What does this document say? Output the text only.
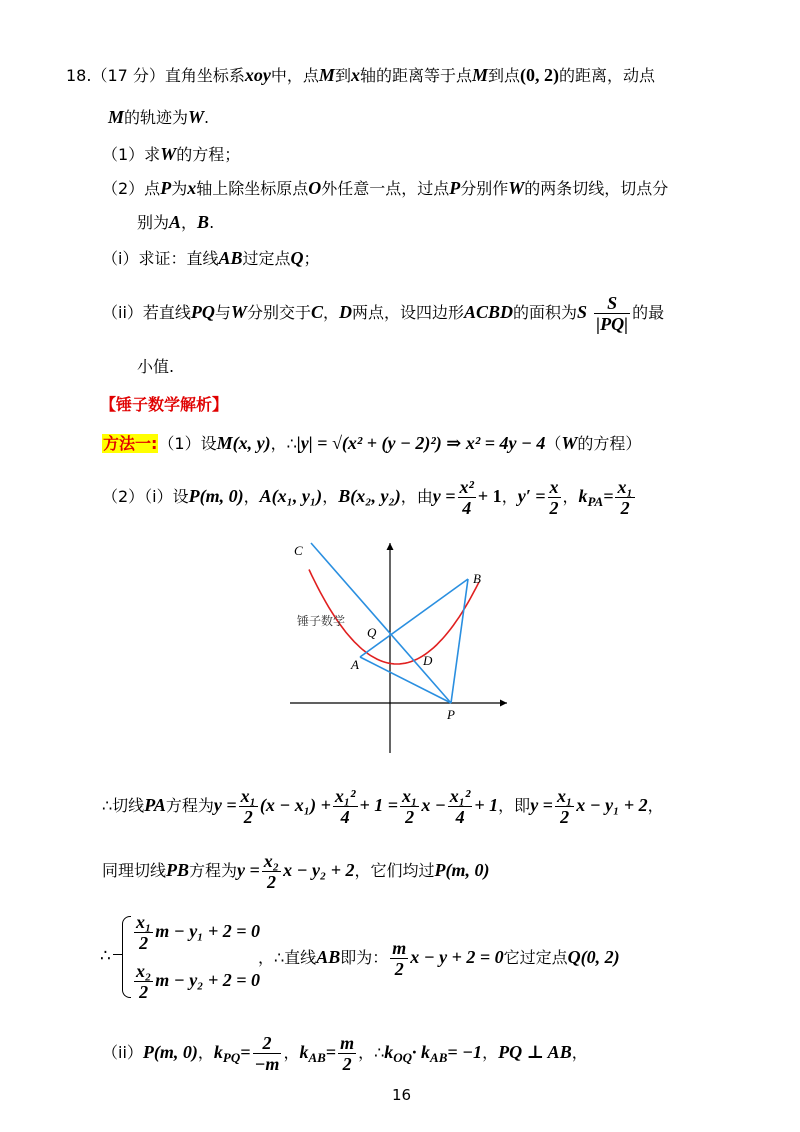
18.（17 分）直角坐标系xoy中，点M到x轴的距离等于点M到点(0, 2)的距离，动点
M的轨迹为W.
（1）求W的方程；
（2）点P为x轴上除坐标原点O外任意一点，过点P分别作W的两条切线，切点分
别为A，B.
（i）求证：直线AB过定点Q；
（ii）若直线PQ与W分别交于C，D两点，设四边形ACBD的面积为S $\frac{S}{|PQ|}$ 的最
小值.
【锤子数学解析】
方法一:（1）设M(x, y)，∴|y| = √(x² + (y − 2)²) ⇒ x² = 4y − 4（W的方程）
（2）（i）设P(m, 0)，A(x₁, y₁)，B(x₂, y₂)，由$y = \frac{\text{x²}}{4} + 1$，$y' = \frac{x}{2}$ ，$k_{PA}= \frac{\text{x₁}}{2}$
C
B
Q
A	D
P
锤子数学
∴切线PA方程为$y = \frac{\text{x₁}}{2} (x - x_1) + \frac{\text{x₁²}}{4} + 1 = \frac{\text{x₁}}{2}$ $x - \frac{\text{x₁²}}{4} + 1$，即$y = \frac{\text{x₁}}{2}$ x − y₁ + 2，
同理切线PB方程为$y = \frac{\text{x₂}}{2}$ x − y₂ + 2，它们均过P(m, 0)
∴
$\frac{\text{x₁}}{2}$ m − y₁ + 2 = 0
$\frac{\text{x₂}}{2}$ m − y₂ + 2 = 0
，∴直线AB即为： $\frac{m}{2}$ x − y + 2 = 0它过定点Q(0, 2)
（ii）P(m, 0)，$k_{PQ}= \frac{2}{-m}$ ，$k_{AB}= \frac{m}{2}$ ，$\therefore k_{OQ}\cdot k_{AB}= -1$，PQ ⊥ AB，
16
